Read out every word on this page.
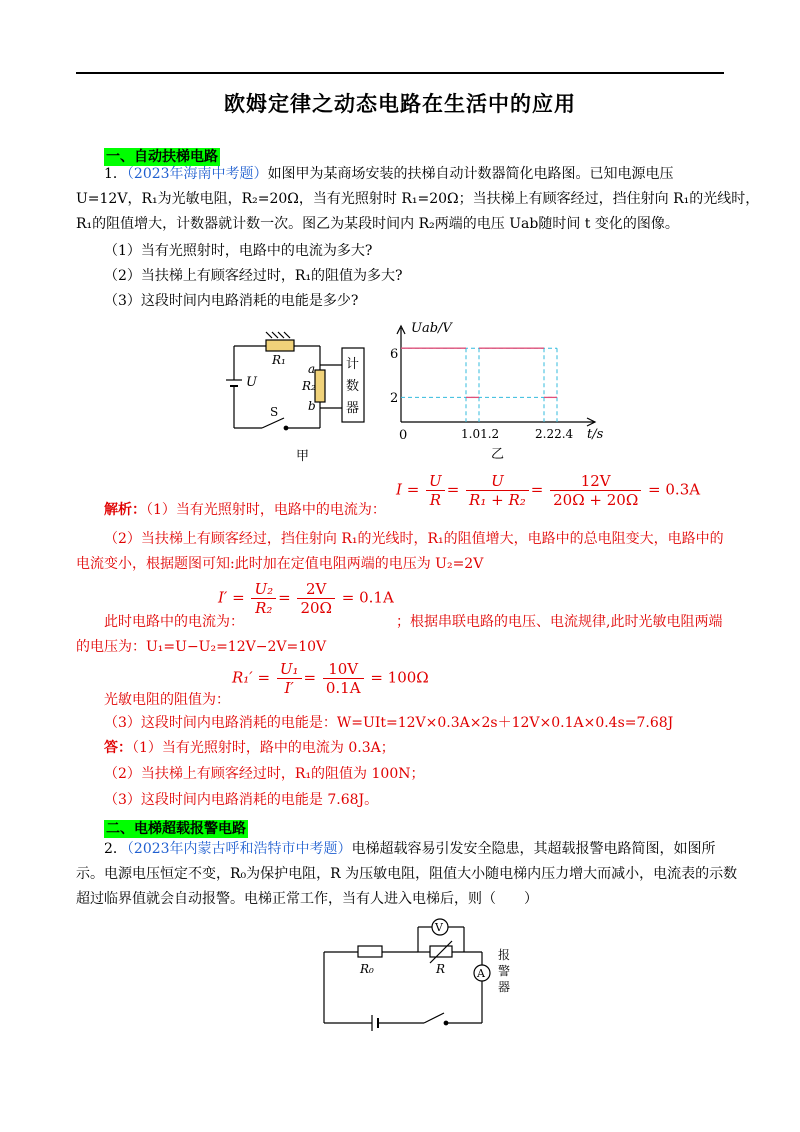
欧姆定律之动态电路在生活中的应用
一、自动扶梯电路
1．（2023年海南中考题）如图甲为某商场安装的扶梯自动计数器简化电路图。已知电源电压
U=12V，R₁为光敏电阻，R₂=20Ω，当有光照射时 R₁=20Ω；当扶梯上有顾客经过，挡住射向 R₁的光线时，
R₁的阻值增大，计数器就计数一次。图乙为某段时间内 R₂两端的电压 Uab随时间 t 变化的图像。
（1）当有光照射时，电路中的电流为多大?
（2）当扶梯上有顾客经过时，R₁的阻值为多大?
（3）这段时间内电路消耗的电能是多少?
R₁
U
a
R₂
b
S
计
数
器
甲
Uab/V
t/s
0
6
2
1.01.2	2.22.4
乙
$I = \frac{U}{R} = \frac{U}{\text{R₁ + R₂}} = \frac{12V}{20\Omega + 20\Omega} = 0.3A$
解析：（1）当有光照射时，电路中的电流为：
（2）当扶梯上有顾客经过，挡住射向 R₁的光线时，R₁的阻值增大，电路中的总电阻变大，电路中的
电流变小，根据题图可知:此时加在定值电阻两端的电压为 U₂=2V
$I' = \frac{\text{U₂}}{\text{R₂}} = \frac{2V}{20\Omega} = 0.1A$
此时电路中的电流为：	；根据串联电路的电压、电流规律,此时光敏电阻两端
的电压为：U₁=U−U₂=12V−2V=10V
$R_1' = \frac{\text{U₁}}{I'} = \frac{10V}{0.1A} = 100\Omega$
光敏电阻的阻值为：
（3）这段时间内电路消耗的电能是：W=UIt=12V×0.3A×2s＋12V×0.1A×0.4s=7.68J
答：（1）当有光照射时，路中的电流为 0.3A；
（2）当扶梯上有顾客经过时，R₁的阻值为 100N；
（3）这段时间内电路消耗的电能是 7.68J。
二、电梯超载报警电路
2．（2023年内蒙古呼和浩特市中考题）电梯超载容易引发安全隐患，其超载报警电路简图，如图所
示。电源电压恒定不变，R₀为保护电阻，R 为压敏电阻，阻值大小随电梯内压力增大而减小，电流表的示数
超过临界值就会自动报警。电梯正常工作，当有人进入电梯后，则（　　）
V
A
R₀	R
报
警
器
